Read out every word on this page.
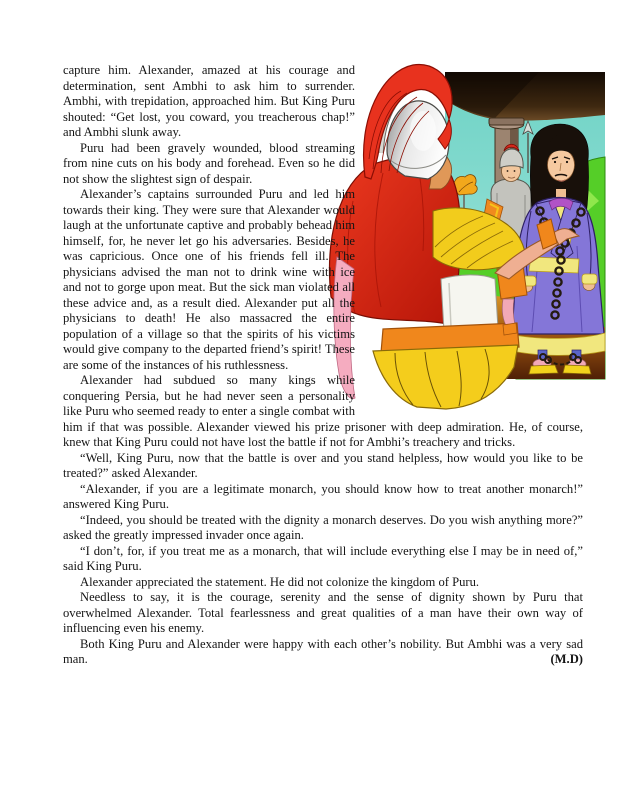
capture him. Alexander, amazed at his courage and determination, sent Ambhi to ask him to surrender. Ambhi, with trepidation, approached him. But King Puru shouted: “Get lost, you coward, you treacherous chap!” and Ambhi slunk away.

Puru had been gravely wounded, blood streaming from nine cuts on his body and forehead. Even so he did not show the slightest sign of despair.

Alexander’s captains surrounded Puru and led him towards their king. They were sure that Alexander would laugh at the unfortunate captive and probably behead him himself, for, he never let go his adversaries. Besides, he was capricious. Once one of his friends fell ill. The physicians advised the man not to drink wine with ice and not to gorge upon meat. But the sick man violated all these advice and, as a result died. Alexander put all the physicians to death! He also massacred the entire population of a village so that the spirits of his victims would give company to the departed friend’s spirit! These are some of the instances of his ruthlessness.

Alexander had subdued so many kings while conquering Persia, but he had never seen a personality like Puru who seemed ready to enter a single combat with him if that was possible. Alexander viewed his prize prisoner with deep admiration. He, of course, knew that King Puru could not have lost the battle if not for Ambhi’s treachery and tricks.

“Well, King Puru, now that the battle is over and you stand helpless, how would you like to be treated?” asked Alexander.

“Alexander, if you are a legitimate monarch, you should know how to treat another monarch!” answered King Puru.

“Indeed, you should be treated with the dignity a monarch deserves. Do you wish anything more?” asked the greatly impressed invader once again.

“I don’t, for, if you treat me as a monarch, that will include everything else I may be in need of,” said King Puru.

Alexander appreciated the statement. He did not colonize the kingdom of Puru.

Needless to say, it is the courage, serenity and the sense of dignity shown by Puru that overwhelmed Alexander. Total fearlessness and great qualities of a man have their own way of influencing even his enemy.

Both King Puru and Alexander were happy with each other’s nobility. But Ambhi was a very sad man.	(M.D)
